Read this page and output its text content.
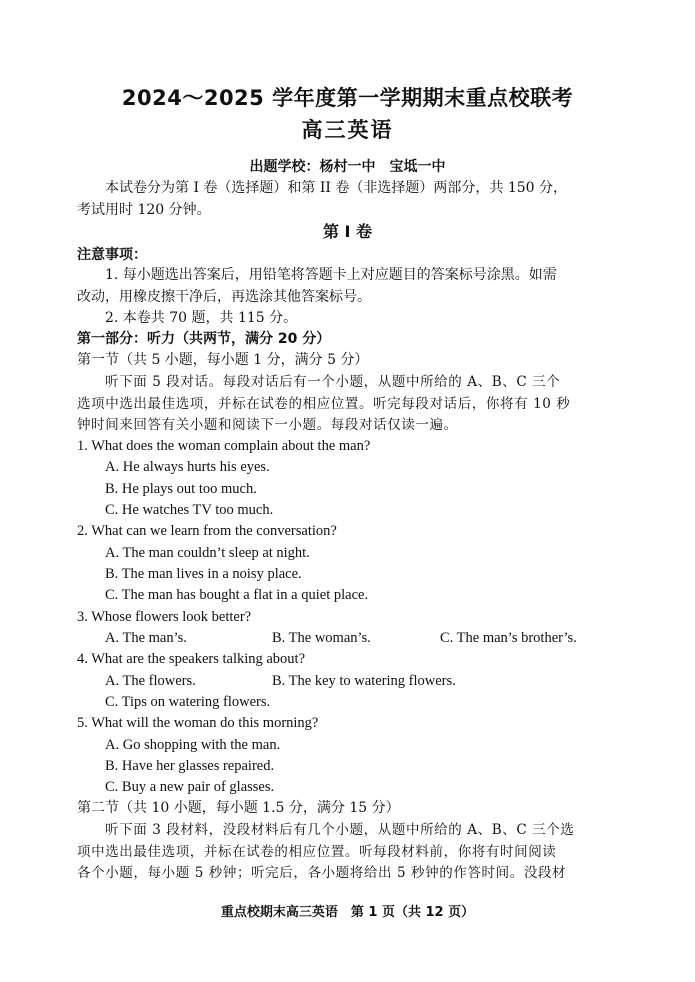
2024～2025 学年度第一学期期末重点校联考
高三英语
出题学校：杨村一中　宝坻一中
本试卷分为第 I 卷（选择题）和第 II 卷（非选择题）两部分，共 150 分，
考试用时 120 分钟。
第 I 卷
注意事项：
1. 每小题选出答案后，用铅笔将答题卡上对应题目的答案标号涂黑。如需
改动，用橡皮擦干净后，再选涂其他答案标号。
2. 本卷共 70 题，共 115 分。
第一部分：听力（共两节，满分 20 分）
第一节（共 5 小题，每小题 1 分，满分 5 分）
听下面 5 段对话。每段对话后有一个小题，从题中所给的 A、B、C 三个
选项中选出最佳选项，并标在试卷的相应位置。听完每段对话后，你将有 10 秒
钟时间来回答有关小题和阅读下一小题。每段对话仅读一遍。
1. What does the woman complain about the man?
A. He always hurts his eyes.
B. He plays out too much.
C. He watches TV too much.
2. What can we learn from the conversation?
A. The man couldn’t sleep at night.
B. The man lives in a noisy place.
C. The man has bought a flat in a quiet place.
3. Whose flowers look better?
A. The man’s.	B. The woman’s.	C. The man’s brother’s.
4. What are the speakers talking about?
A. The flowers.	B. The key to watering flowers.
C. Tips on watering flowers.
5. What will the woman do this morning?
A. Go shopping with the man.
B. Have her glasses repaired.
C. Buy a new pair of glasses.
第二节（共 10 小题，每小题 1.5 分，满分 15 分）
听下面 3 段材料，没段材料后有几个小题，从题中所给的 A、B、C 三个选
项中选出最佳选项，并标在试卷的相应位置。听每段材料前，你将有时间阅读
各个小题，每小题 5 秒钟；听完后，各小题将给出 5 秒钟的作答时间。没段材
重点校期末高三英语　第 1 页（共 12 页）
